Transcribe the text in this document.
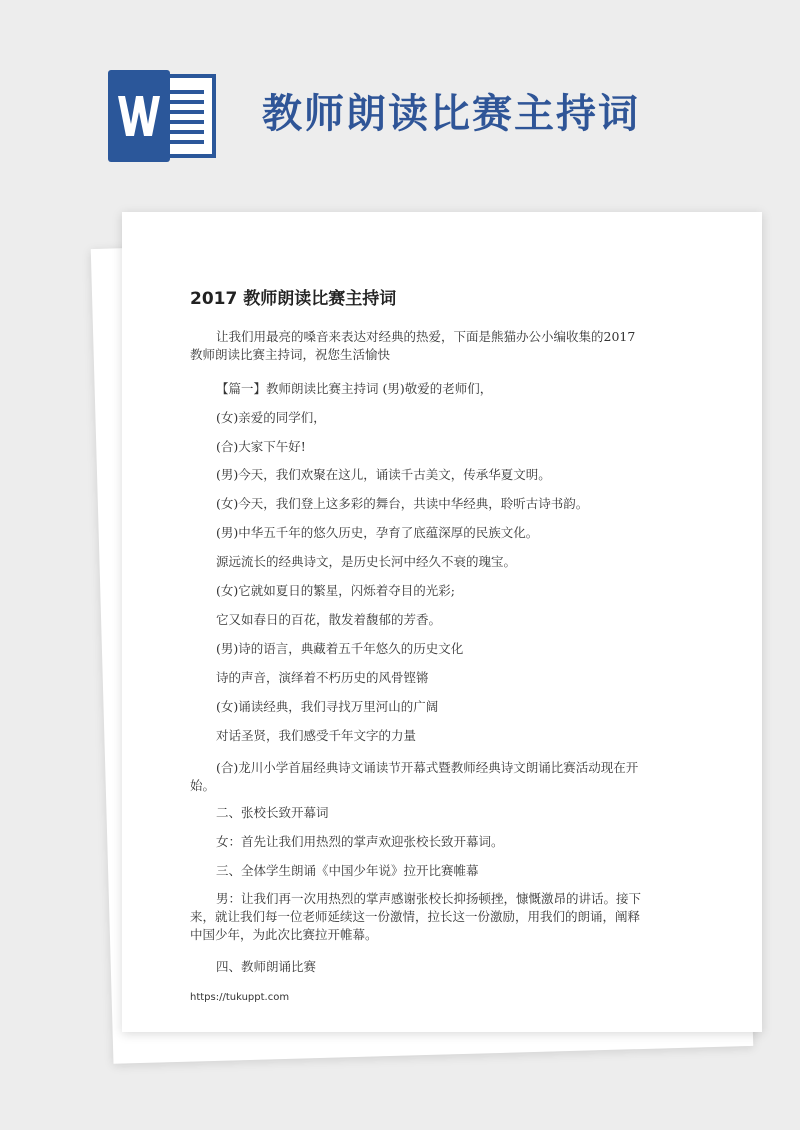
教师朗读比赛主持词
2017 教师朗读比赛主持词
让我们用最亮的嗓音来表达对经典的热爱，下面是熊猫办公小编收集的2017 教师朗读比赛主持词，祝您生活愉快
【篇一】教师朗读比赛主持词 (男)敬爱的老师们，
(女)亲爱的同学们，
(合)大家下午好!
(男)今天，我们欢聚在这儿，诵读千古美文，传承华夏文明。
(女)今天，我们登上这多彩的舞台，共读中华经典，聆听古诗书韵。
(男)中华五千年的悠久历史，孕育了底蕴深厚的民族文化。
源远流长的经典诗文，是历史长河中经久不衰的瑰宝。
(女)它就如夏日的繁星，闪烁着夺目的光彩;
它又如春日的百花，散发着馥郁的芳香。
(男)诗的语言，典藏着五千年悠久的历史文化
诗的声音，演绎着不朽历史的风骨铿锵
(女)诵读经典，我们寻找万里河山的广阔
对话圣贤，我们感受千年文字的力量
(合)龙川小学首届经典诗文诵读节开幕式暨教师经典诗文朗诵比赛活动现在开始。
二、张校长致开幕词
女：首先让我们用热烈的掌声欢迎张校长致开幕词。
三、全体学生朗诵《中国少年说》拉开比赛帷幕
男：让我们再一次用热烈的掌声感谢张校长抑扬顿挫，慷慨激昂的讲话。接下来，就让我们每一位老师延续这一份激情，拉长这一份激励，用我们的朗诵，阐释中国少年，为此次比赛拉开帷幕。
四、教师朗诵比赛
https://tukuppt.com
